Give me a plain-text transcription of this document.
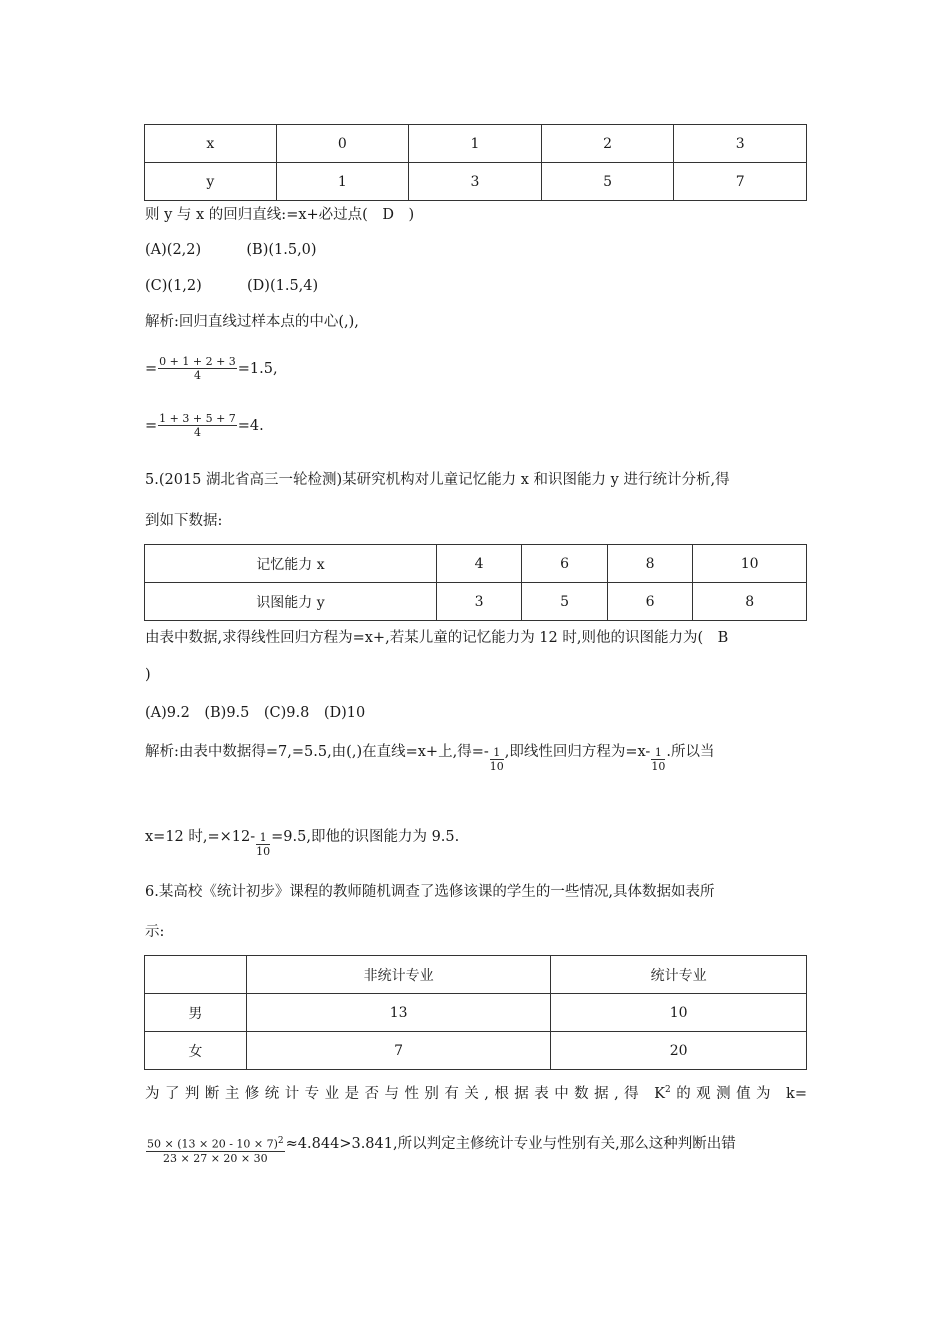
x	0	1	2	3
y	1	3	5	7
则 y 与 x 的回归直线:=x+必过点(　D　)
(A)(2,2)	(B)(1.5,0)
(C)(1,2)	(D)(1.5,4)
解析:回归直线过样本点的中心(,),
= $\frac{0 + 1 + 2 + 3}{4} =1.5$,
= $\frac{1 + 3 + 5 + 7}{4} =4$.
5.(2015 湖北省高三一轮检测)某研究机构对儿童记忆能力 x 和识图能力 y 进行统计分析,得
到如下数据:
记忆能力 x	4	6	8	10
识图能力 y	3	5	6	8
由表中数据,求得线性回归方程为=x+,若某儿童的记忆能力为 12 时,则他的识图能力为(　B
)
(A)9.2　(B)9.5　(C)9.8　(D)10
解析:由表中数据得=7,=5.5,由(,)在直线=x+上,得=- $\frac{1}{10}$ ,即线性回归方程为$=x- \frac{1}{10}$ .所以当
x=12 时$,=\times 12- \frac{1}{10} =9.5$,即他的识图能力为 9.5.
6.某高校《统计初步》课程的教师随机调查了选修该课的学生的一些情况,具体数据如表所
示:
	非统计专业	统计专业
男	13	10
女	7	20
为了判断主修统计专业是否与性别有关,根据表中数据,得 $K^2$的观测值为 k=
$\frac{50 \times (13 \times 20 - 10 \times 7)^2}{23 \times 27 \times 20 \times 30} \approx 4.844>3.841$,所以判定主修统计专业与性别有关,那么这种判断出错
